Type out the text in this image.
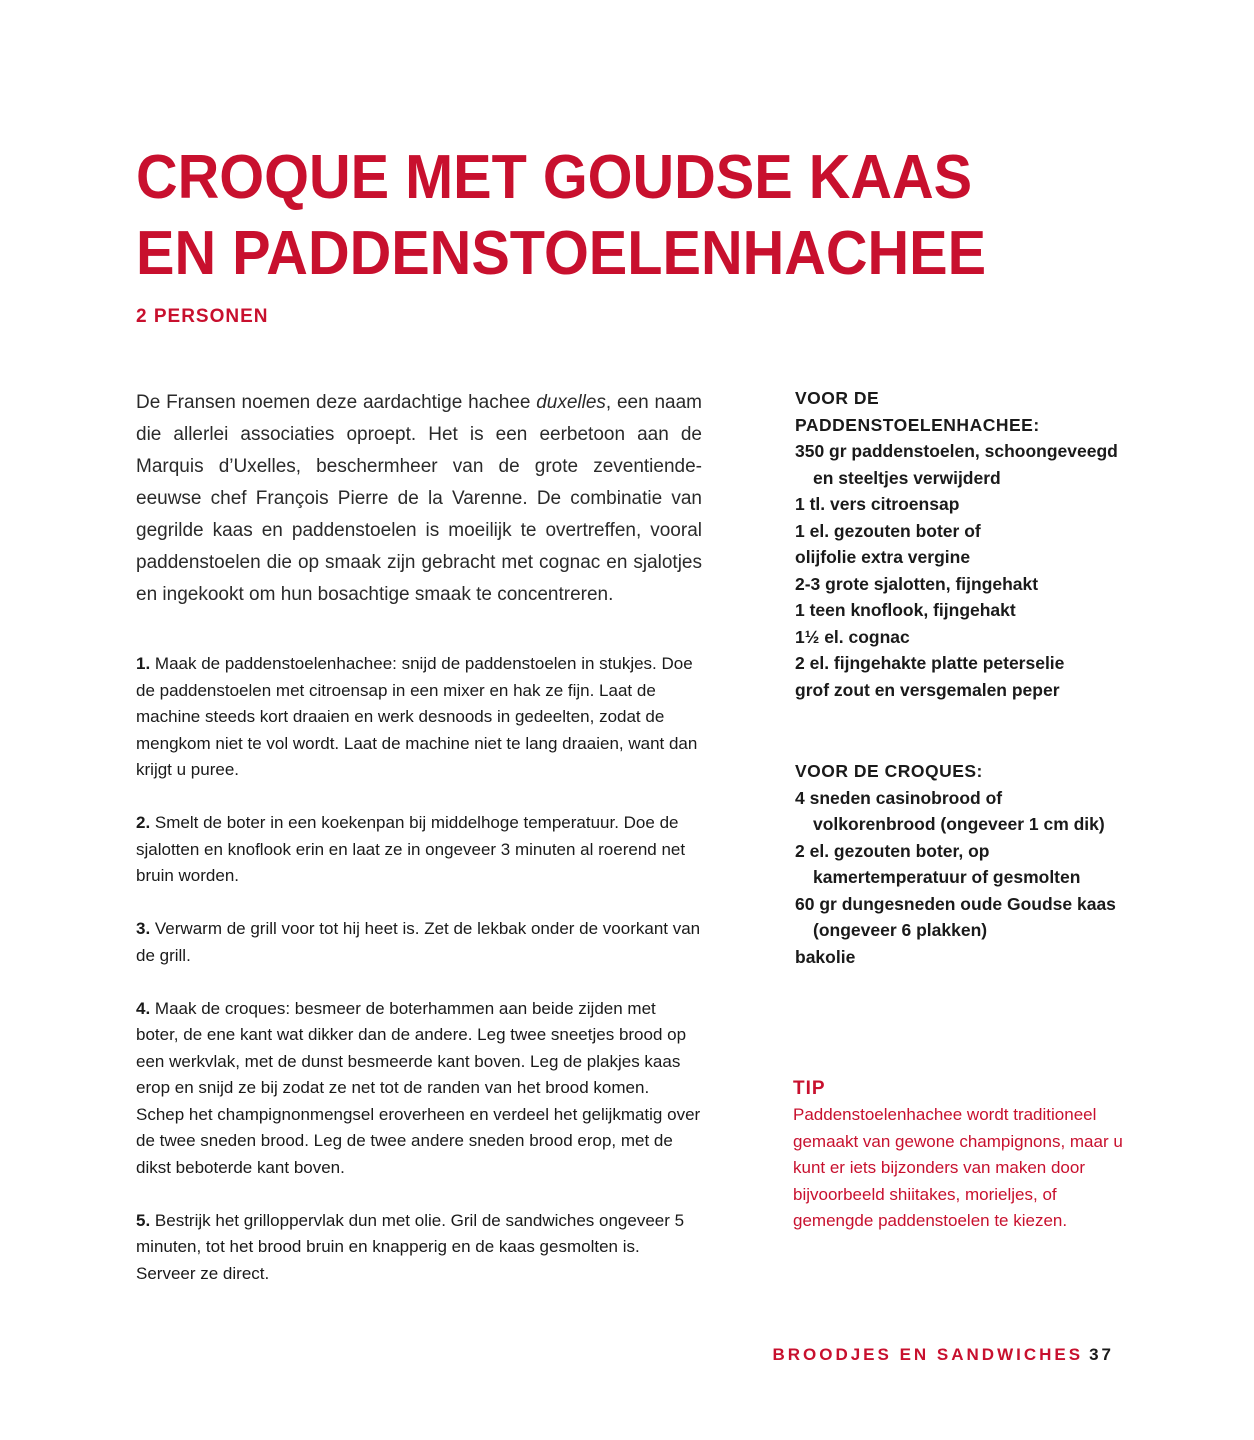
CROQUE MET GOUDSE KAAS
EN PADDENSTOELENHACHEE
2 PERSONEN

De Fransen noemen deze aardachtige hachee duxelles, een naam die allerlei associaties oproept. Het is een eerbetoon aan de Marquis d’Uxelles, beschermheer van de grote zeventiende-eeuwse chef François Pierre de la Varenne. De combinatie van gegrilde kaas en paddenstoelen is moeilijk te overtreffen, vooral paddenstoelen die op smaak zijn gebracht met cognac en sjalotjes en ingekookt om hun bosachtige smaak te concentreren.

1. Maak de paddenstoelenhachee: snijd de paddenstoelen in stukjes. Doe de paddenstoelen met citroensap in een mixer en hak ze fijn. Laat de machine steeds kort draaien en werk desnoods in gedeelten, zodat de mengkom niet te vol wordt. Laat de machine niet te lang draaien, want dan krijgt u puree.

2. Smelt de boter in een koekenpan bij middelhoge temperatuur. Doe de sjalotten en knoflook erin en laat ze in ongeveer 3 minuten al roerend net bruin worden.

3. Verwarm de grill voor tot hij heet is. Zet de lekbak onder de voorkant van de grill.

4. Maak de croques: besmeer de boterhammen aan beide zijden met boter, de ene kant wat dikker dan de andere. Leg twee sneetjes brood op een werkvlak, met de dunst besmeerde kant boven. Leg de plakjes kaas erop en snijd ze bij zodat ze net tot de randen van het brood komen. Schep het champignonmengsel eroverheen en verdeel het gelijkmatig over de twee sneden brood. Leg de twee andere sneden brood erop, met de dikst beboterde kant boven.

5. Bestrijk het grilloppervlak dun met olie. Gril de sandwiches ongeveer 5 minuten, tot het brood bruin en knapperig en de kaas gesmolten is. Serveer ze direct.

VOOR DE PADDENSTOELENHACHEE:
350 gr paddenstoelen, schoongeveegd en steeltjes verwijderd
1 tl. vers citroensap
1 el. gezouten boter of
olijfolie extra vergine
2-3 grote sjalotten, fijngehakt
1 teen knoflook, fijngehakt
1½ el. cognac
2 el. fijngehakte platte peterselie
grof zout en versgemalen peper
VOOR DE CROQUES:
4 sneden casinobrood of volkorenbrood (ongeveer 1 cm dik)
2 el. gezouten boter, op kamertemperatuur of gesmolten
60 gr dungesneden oude Goudse kaas (ongeveer 6 plakken)
bakolie
TIP
Paddenstoelenhachee wordt traditioneel gemaakt van gewone champignons, maar u kunt er iets bijzonders van maken door bijvoorbeeld shiitakes, morieljes, of gemengde paddenstoelen te kiezen.
BROODJES EN SANDWICHES 37
